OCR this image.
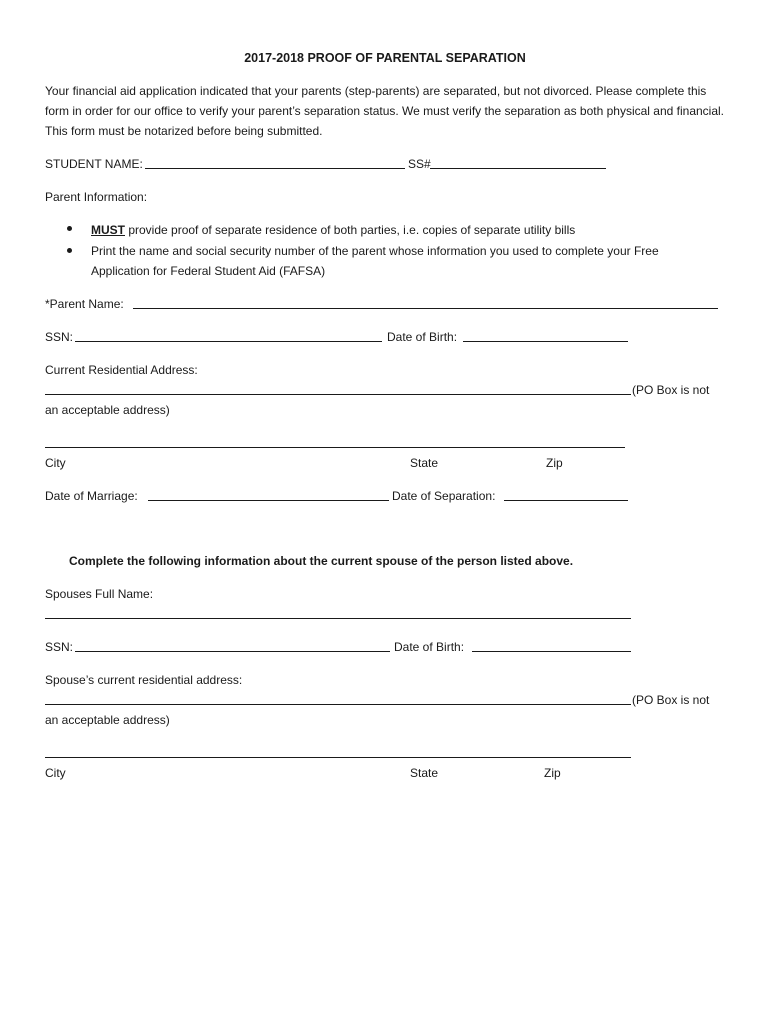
2017-2018 PROOF OF PARENTAL SEPARATION
Your financial aid application indicated that your parents (step-parents) are separated, but not divorced. Please complete this form in order for our office to verify your parent’s separation status. We must verify the separation as both physical and financial. This form must be notarized before being submitted.
STUDENT NAME:	SS#
Parent Information:
MUST provide proof of separate residence of both parties, i.e. copies of separate utility bills
Print the name and social security number of the parent whose information you used to complete your Free
Application for Federal Student Aid (FAFSA)
*Parent Name:
SSN:	Date of Birth:
Current Residential Address:
(PO Box is not
an acceptable address)
City	State	Zip
Date of Marriage:	Date of Separation:
Complete the following information about the current spouse of the person listed above.
Spouses Full Name:
SSN:	Date of Birth:
Spouse’s current residential address:
(PO Box is not
an acceptable address)
City	State	Zip
